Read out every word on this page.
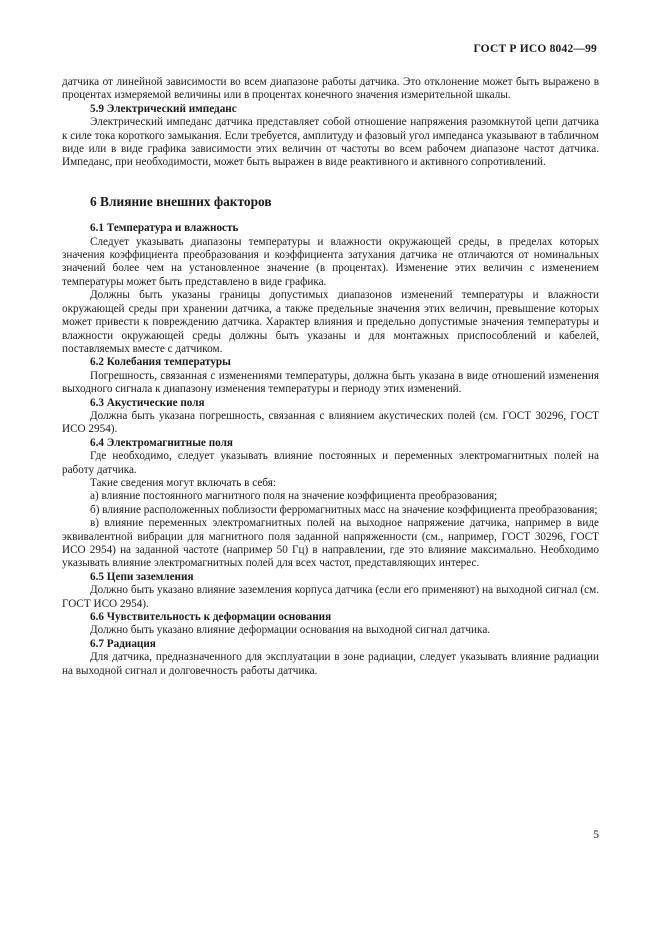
ГОСТ Р ИСО 8042—99

датчика от линейной зависимости во всем диапазоне работы датчика. Это отклонение может быть выражено в процентах измеряемой величины или в процентах конечного значения измерительной шкалы.

5.9 Электрический импеданс

Электрический импеданс датчика представляет собой отношение напряжения разомкнутой цепи датчика к силе тока короткого замыкания. Если требуется, амплитуду и фазовый угол импеданса указывают в табличном виде или в виде графика зависимости этих величин от частоты во всем рабочем диапазоне частот датчика. Импеданс, при необходимости, может быть выражен в виде реактивного и активного сопротивлений.

6 Влияние внешних факторов

6.1 Температура и влажность

Следует указывать диапазоны температуры и влажности окружающей среды, в пределах которых значения коэффициента преобразования и коэффициента затухания датчика не отличаются от номинальных значений более чем на установленное значение (в процентах). Изменение этих величин с изменением температуры может быть представлено в виде графика.

Должны быть указаны границы допустимых диапазонов изменений температуры и влажности окружающей среды при хранении датчика, а также предельные значения этих величин, превышение которых может привести к повреждению датчика. Характер влияния и предельно допустимые значения температуры и влажности окружающей среды должны быть указаны и для монтажных приспособлений и кабелей, поставляемых вместе с датчиком.

6.2 Колебания температуры

Погрешность, связанная с изменениями температуры, должна быть указана в виде отношений изменения выходного сигнала к диапазону изменения температуры и периоду этих изменений.

6.3 Акустические поля

Должна быть указана погрешность, связанная с влиянием акустических полей (см. ГОСТ 30296, ГОСТ ИСО 2954).

6.4 Электромагнитные поля

Где необходимо, следует указывать влияние постоянных и переменных электромагнитных полей на работу датчика.

Такие сведения могут включать в себя:

а) влияние постоянного магнитного поля на значение коэффициента преобразования;

б) влияние расположенных поблизости ферромагнитных масс на значение коэффициента преобразования;

в) влияние переменных электромагнитных полей на выходное напряжение датчика, например в виде эквивалентной вибрации для магнитного поля заданной напряженности (см., например, ГОСТ 30296, ГОСТ ИСО 2954) на заданной частоте (например 50 Гц) в направлении, где это влияние максимально. Необходимо указывать влияние электромагнитных полей для всех частот, представляющих интерес.

6.5 Цепи заземления

Должно быть указано влияние заземления корпуса датчика (если его применяют) на выходной сигнал (см. ГОСТ ИСО 2954).

6.6 Чувствительность к деформации основания

Должно быть указано влияние деформации основания на выходной сигнал датчика.

6.7 Радиация

Для датчика, предназначенного для эксплуатации в зоне радиации, следует указывать влияние радиации на выходной сигнал и долговечность работы датчика.

5
